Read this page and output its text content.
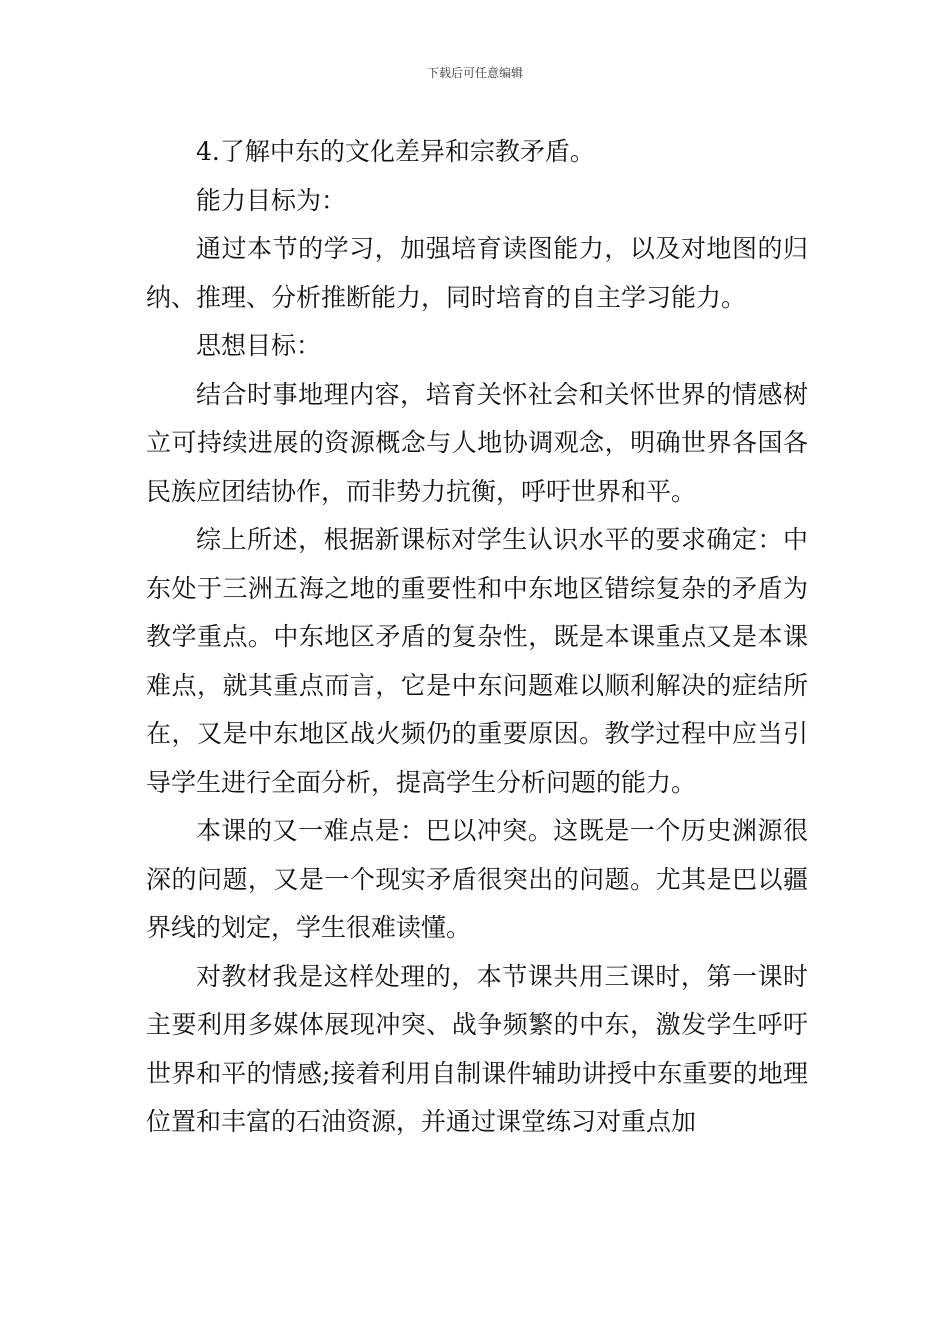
下载后可任意编辑

4.了解中东的文化差异和宗教矛盾。

能力目标为：

通过本节的学习，加强培育读图能力，以及对地图的归纳、推理、分析推断能力，同时培育的自主学习能力。

思想目标：

结合时事地理内容，培育关怀社会和关怀世界的情感树立可持续进展的资源概念与人地协调观念，明确世界各国各民族应团结协作，而非势力抗衡，呼吁世界和平。

综上所述，根据新课标对学生认识水平的要求确定：中东处于三洲五海之地的重要性和中东地区错综复杂的矛盾为教学重点。中东地区矛盾的复杂性，既是本课重点又是本课难点，就其重点而言，它是中东问题难以顺利解决的症结所在，又是中东地区战火频仍的重要原因。教学过程中应当引导学生进行全面分析，提高学生分析问题的能力。

本课的又一难点是：巴以冲突。这既是一个历史渊源很深的问题，又是一个现实矛盾很突出的问题。尤其是巴以疆界线的划定，学生很难读懂。

对教材我是这样处理的，本节课共用三课时，第一课时主要利用多媒体展现冲突、战争频繁的中东，激发学生呼吁世界和平的情感;接着利用自制课件辅助讲授中东重要的地理位置和丰富的石油资源，并通过课堂练习对重点加
